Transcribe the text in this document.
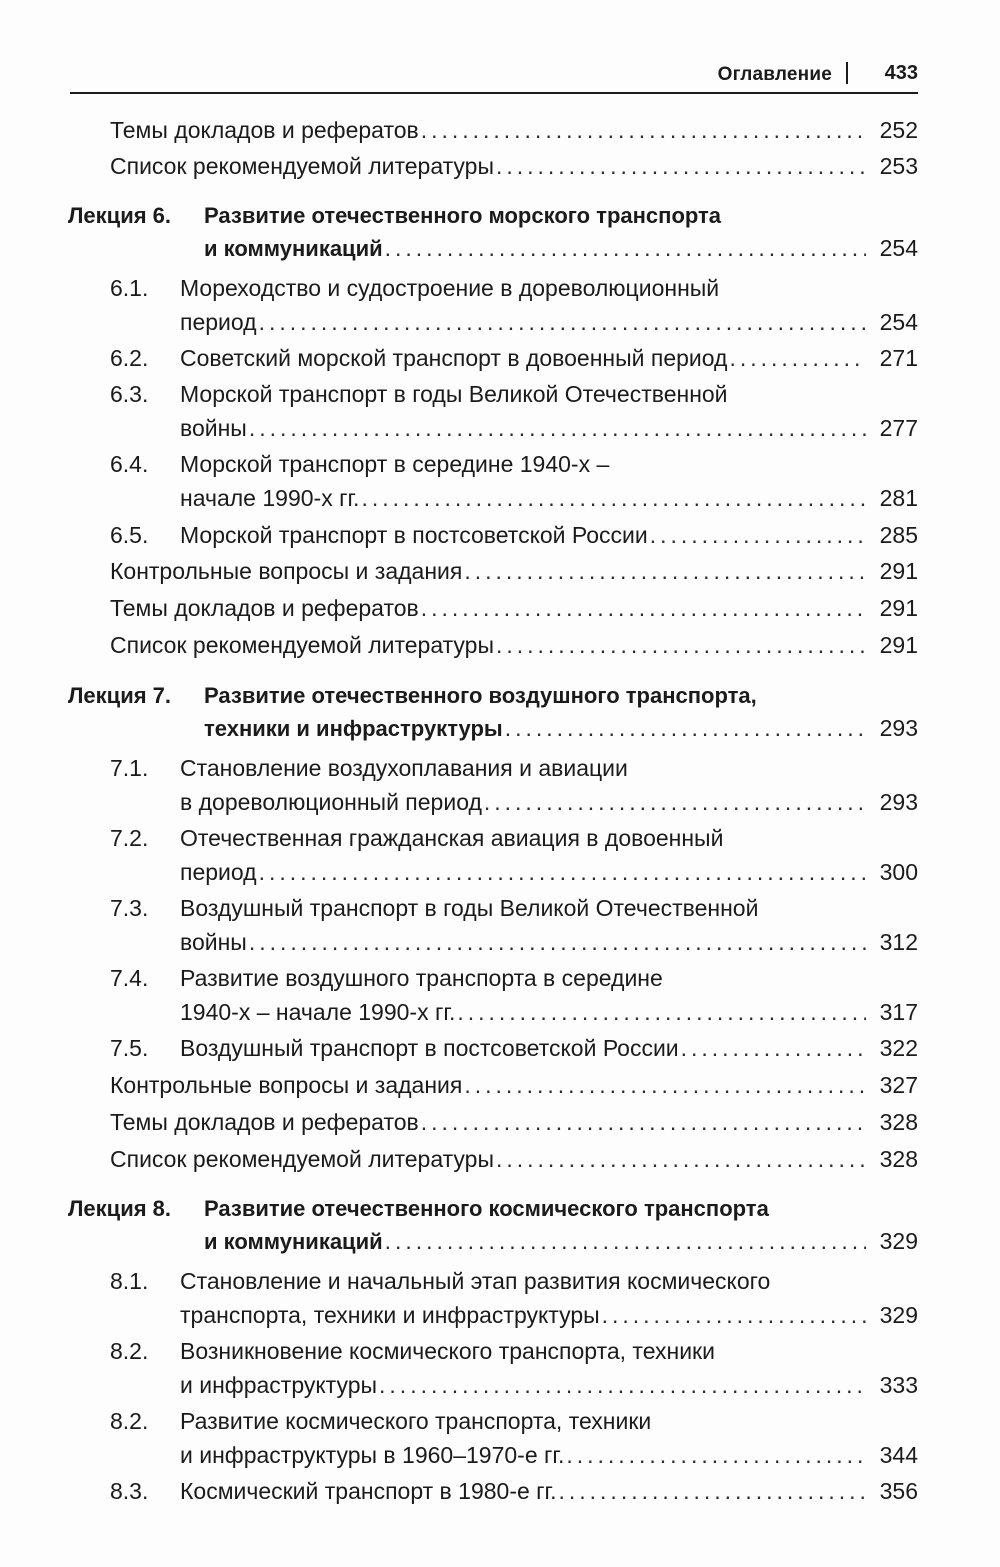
Оглавление	433
Темы докладов и рефератов . . .	252
Список рекомендуемой литературы . . .	253
Лекция 6. Развитие отечественного морского транспорта
и коммуникаций . . .	254
6.1. Мореходство и судостроение в дореволюционный
период . . .	254
6.2. Советский морской транспорт в довоенный период . . .	271
6.3. Морской транспорт в годы Великой Отечественной
войны . . .	277
6.4. Морской транспорт в середине 1940-х –
начале 1990-х гг. . . .	281
6.5. Морской транспорт в постсоветской России . . .	285
Контрольные вопросы и задания . . .	291
Темы докладов и рефератов . . .	291
Список рекомендуемой литературы . . .	291
Лекция 7. Развитие отечественного воздушного транспорта,
техники и инфраструктуры . . .	293
7.1. Становление воздухоплавания и авиации
в дореволюционный период . . .	293
7.2. Отечественная гражданская авиация в довоенный
период . . .	300
7.3. Воздушный транспорт в годы Великой Отечественной
войны . . .	312
7.4. Развитие воздушного транспорта в середине
1940-х – начале 1990-х гг. . . .	317
7.5. Воздушный транспорт в постсоветской России . . .	322
Контрольные вопросы и задания . . .	327
Темы докладов и рефератов . . .	328
Список рекомендуемой литературы . . .	328
Лекция 8. Развитие отечественного космического транспорта
и коммуникаций . . .	329
8.1. Становление и начальный этап развития космического
транспорта, техники и инфраструктуры . . .	329
8.2. Возникновение космического транспорта, техники
и инфраструктуры . . .	333
8.2. Развитие космического транспорта, техники
и инфраструктуры в 1960–1970-е гг. . . .	344
8.3. Космический транспорт в 1980-е гг. . . .	356
